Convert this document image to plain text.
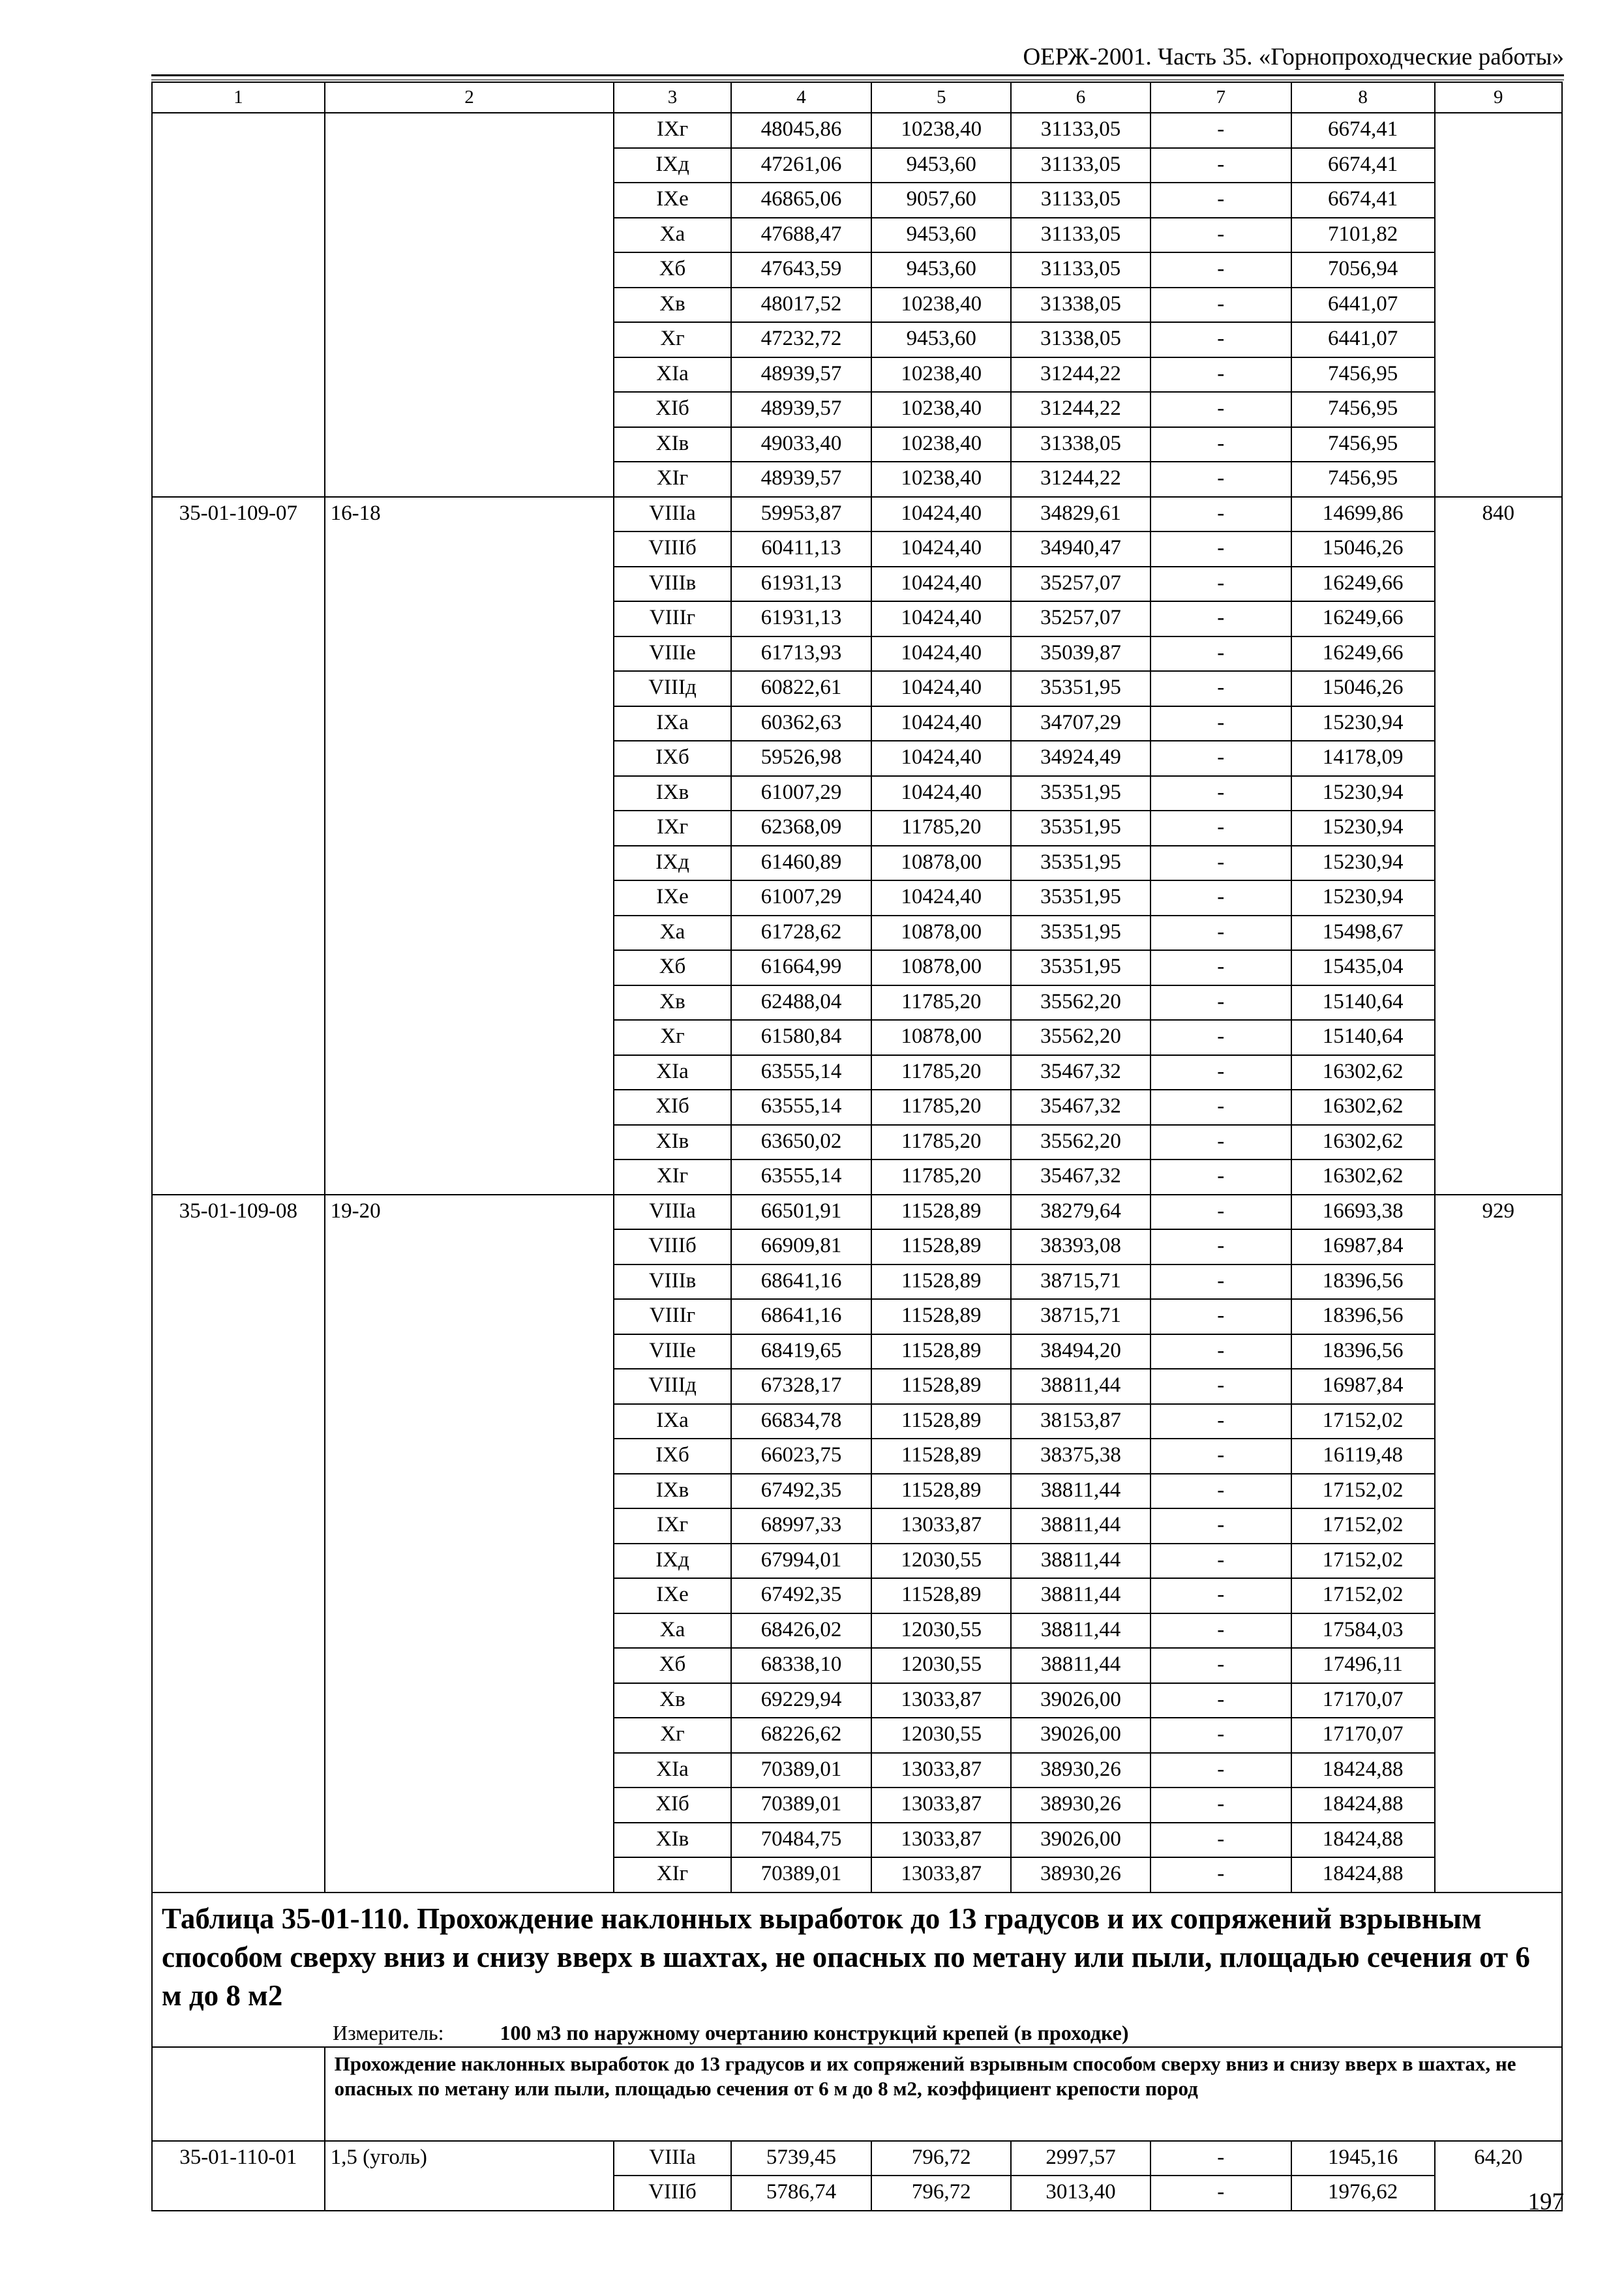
ОЕРЖ-2001. Часть 35. «Горнопроходческие работы»
1	2	3	4	5	6	7	8	9
		IXг	48045,86	10238,40	31133,05	-	6674,41	
		IXд	47261,06	9453,60	31133,05	-	6674,41	
		IXе	46865,06	9057,60	31133,05	-	6674,41	
		Xа	47688,47	9453,60	31133,05	-	7101,82	
		Xб	47643,59	9453,60	31133,05	-	7056,94	
		Xв	48017,52	10238,40	31338,05	-	6441,07	
		Xг	47232,72	9453,60	31338,05	-	6441,07	
		XIа	48939,57	10238,40	31244,22	-	7456,95	
		XIб	48939,57	10238,40	31244,22	-	7456,95	
		XIв	49033,40	10238,40	31338,05	-	7456,95	
		XIг	48939,57	10238,40	31244,22	-	7456,95	
35-01-109-07	16-18	VIIIа	59953,87	10424,40	34829,61	-	14699,86	840
		VIIIб	60411,13	10424,40	34940,47	-	15046,26	
		VIIIв	61931,13	10424,40	35257,07	-	16249,66	
		VIIIг	61931,13	10424,40	35257,07	-	16249,66	
		VIIIе	61713,93	10424,40	35039,87	-	16249,66	
		VIIIд	60822,61	10424,40	35351,95	-	15046,26	
		IXа	60362,63	10424,40	34707,29	-	15230,94	
		IXб	59526,98	10424,40	34924,49	-	14178,09	
		IXв	61007,29	10424,40	35351,95	-	15230,94	
		IXг	62368,09	11785,20	35351,95	-	15230,94	
		IXд	61460,89	10878,00	35351,95	-	15230,94	
		IXе	61007,29	10424,40	35351,95	-	15230,94	
		Xа	61728,62	10878,00	35351,95	-	15498,67	
		Xб	61664,99	10878,00	35351,95	-	15435,04	
		Xв	62488,04	11785,20	35562,20	-	15140,64	
		Xг	61580,84	10878,00	35562,20	-	15140,64	
		XIа	63555,14	11785,20	35467,32	-	16302,62	
		XIб	63555,14	11785,20	35467,32	-	16302,62	
		XIв	63650,02	11785,20	35562,20	-	16302,62	
		XIг	63555,14	11785,20	35467,32	-	16302,62	
35-01-109-08	19-20	VIIIа	66501,91	11528,89	38279,64	-	16693,38	929
		VIIIб	66909,81	11528,89	38393,08	-	16987,84	
		VIIIв	68641,16	11528,89	38715,71	-	18396,56	
		VIIIг	68641,16	11528,89	38715,71	-	18396,56	
		VIIIе	68419,65	11528,89	38494,20	-	18396,56	
		VIIIд	67328,17	11528,89	38811,44	-	16987,84	
		IXа	66834,78	11528,89	38153,87	-	17152,02	
		IXб	66023,75	11528,89	38375,38	-	16119,48	
		IXв	67492,35	11528,89	38811,44	-	17152,02	
		IXг	68997,33	13033,87	38811,44	-	17152,02	
		IXд	67994,01	12030,55	38811,44	-	17152,02	
		IXе	67492,35	11528,89	38811,44	-	17152,02	
		Xа	68426,02	12030,55	38811,44	-	17584,03	
		Xб	68338,10	12030,55	38811,44	-	17496,11	
		Xв	69229,94	13033,87	39026,00	-	17170,07	
		Xг	68226,62	12030,55	39026,00	-	17170,07	
		XIа	70389,01	13033,87	38930,26	-	18424,88	
		XIб	70389,01	13033,87	38930,26	-	18424,88	
		XIв	70484,75	13033,87	39026,00	-	18424,88	
		XIг	70389,01	13033,87	38930,26	-	18424,88	
Таблица 35-01-110. Прохождение наклонных выработок до 13 градусов и их сопряжений взрывным способом сверху вниз и снизу вверх в шахтах, не опасных по метану или пыли, площадью сечения от 6 м до 8 м2
Измеритель: 100 м3 по наружному очертанию конструкций крепей (в проходке)								

	Прохождение наклонных выработок до 13 градусов и их сопряжений взрывным способом сверху вниз и снизу вверх в шахтах, не опасных по метану или пыли, площадью сечения от 6 м до 8 м2, коэффициент крепости пород							
35-01-110-01	1,5 (уголь)	VIIIа	5739,45	796,72	2997,57	-	1945,16	64,20
		VIIIб	5786,74	796,72	3013,40	-	1976,62		197
